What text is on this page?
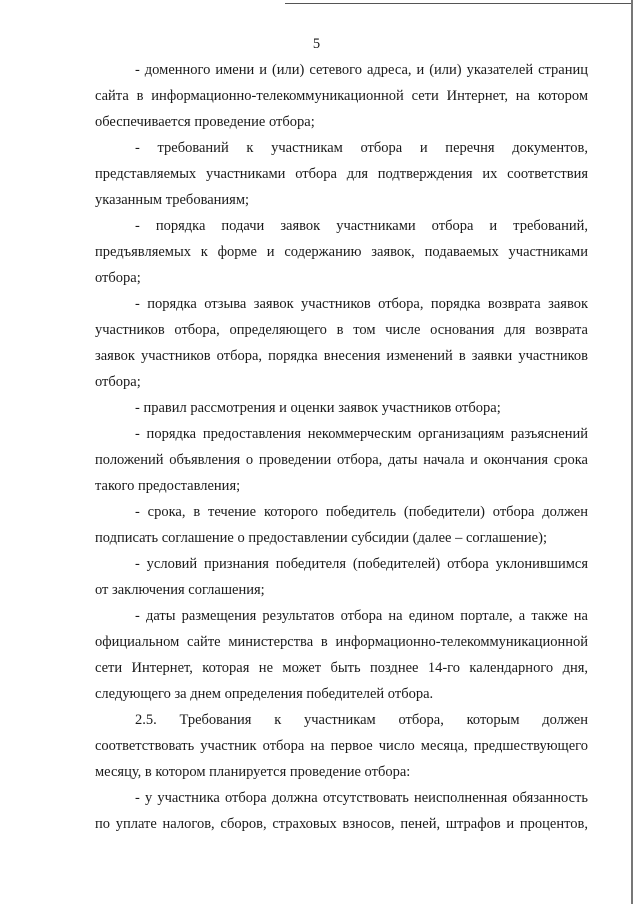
5
- доменного имени и (или) сетевого адреса, и (или) указателей страниц
сайта в информационно-телекоммуникационной сети Интернет, на котором
обеспечивается проведение отбора;
- требований к участникам отбора и перечня документов,
представляемых участниками отбора для подтверждения их соответствия
указанным требованиям;
- порядка подачи заявок участниками отбора и требований,
предъявляемых к форме и содержанию заявок, подаваемых участниками
отбора;
- порядка отзыва заявок участников отбора, порядка возврата заявок
участников отбора, определяющего в том числе основания для возврата
заявок участников отбора, порядка внесения изменений в заявки участников
отбора;
- правил рассмотрения и оценки заявок участников отбора;
- порядка предоставления некоммерческим организациям разъяснений
положений объявления о проведении отбора, даты начала и окончания срока
такого предоставления;
- срока, в течение которого победитель (победители) отбора должен
подписать соглашение о предоставлении субсидии (далее – соглашение);
- условий признания победителя (победителей) отбора уклонившимся
от заключения соглашения;
- даты размещения результатов отбора на едином портале, а также на
официальном сайте министерства в информационно-телекоммуникационной
сети Интернет, которая не может быть позднее 14-го календарного дня,
следующего за днем определения победителей отбора.
2.5. Требования к участникам отбора, которым должен
соответствовать участник отбора на первое число месяца, предшествующего
месяцу, в котором планируется проведение отбора:
- у участника отбора должна отсутствовать неисполненная обязанность
по уплате налогов, сборов, страховых взносов, пеней, штрафов и процентов,
